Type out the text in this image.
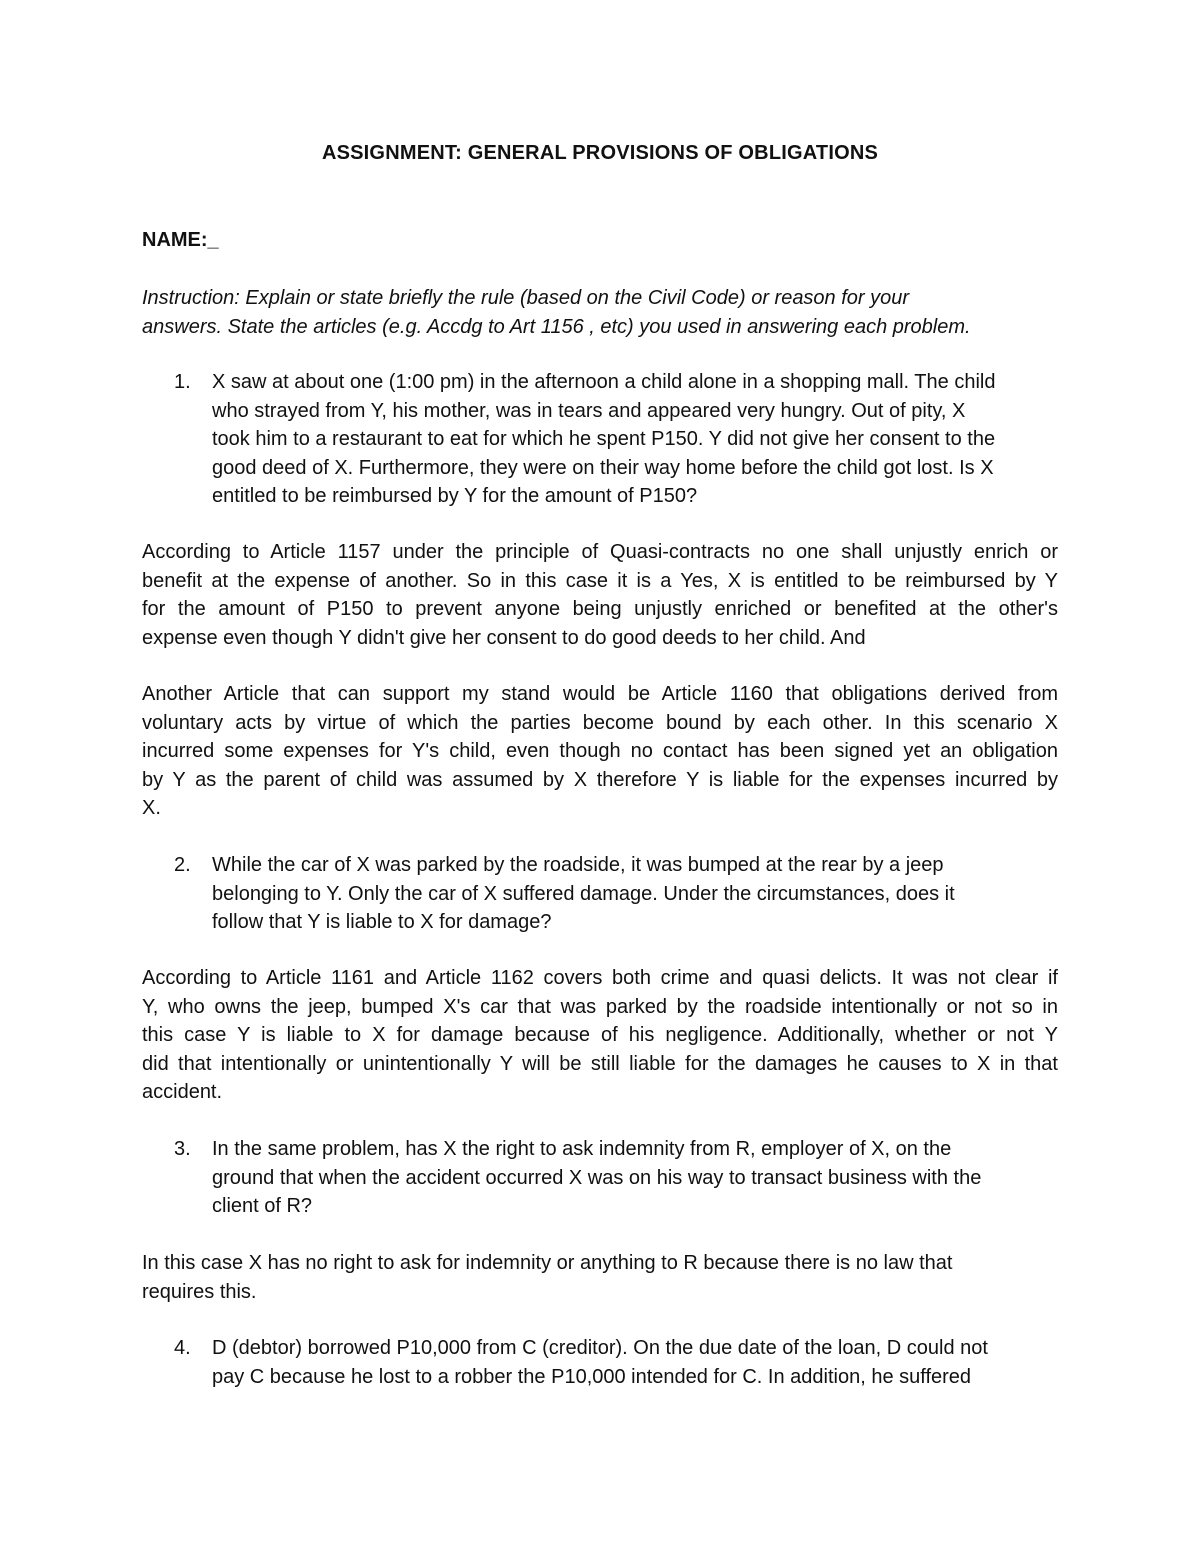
ASSIGNMENT: GENERAL PROVISIONS OF OBLIGATIONS
NAME:_
Instruction: Explain or state briefly the rule (based on the Civil Code) or reason for your
answers. State the articles (e.g. Accdg to Art 1156 , etc) you used in answering each problem.
1.	X saw at about one (1:00 pm) in the afternoon a child alone in a shopping mall. The child
who strayed from Y, his mother, was in tears and appeared very hungry. Out of pity, X
took him to a restaurant to eat for which he spent P150. Y did not give her consent to the
good deed of X. Furthermore, they were on their way home before the child got lost. Is X
entitled to be reimbursed by Y for the amount of P150?
According to Article 1157 under the principle of Quasi-contracts no one shall unjustly enrich or
benefit at the expense of another. So in this case it is a Yes, X is entitled to be reimbursed by Y
for the amount of P150 to prevent anyone being unjustly enriched or benefited at the other's
expense even though Y didn't give her consent to do good deeds to her child. And
Another Article that can support my stand would be Article 1160 that obligations derived from
voluntary acts by virtue of which the parties become bound by each other. In this scenario X
incurred some expenses for Y's child, even though no contact has been signed yet an obligation
by Y as the parent of child was assumed by X therefore Y is liable for the expenses incurred by
X.
2.	While the car of X was parked by the roadside, it was bumped at the rear by a jeep
belonging to Y. Only the car of X suffered damage. Under the circumstances, does it
follow that Y is liable to X for damage?
According to Article 1161 and Article 1162 covers both crime and quasi delicts. It was not clear if
Y, who owns the jeep, bumped X's car that was parked by the roadside intentionally or not so in
this case Y is liable to X for damage because of his negligence. Additionally, whether or not Y
did that intentionally or unintentionally Y will be still liable for the damages he causes to X in that
accident.
3.	In the same problem, has X the right to ask indemnity from R, employer of X, on the
ground that when the accident occurred X was on his way to transact business with the
client of R?
In this case X has no right to ask for indemnity or anything to R because there is no law that
requires this.
4.	D (debtor) borrowed P10,000 from C (creditor). On the due date of the loan, D could not
pay C because he lost to a robber the P10,000 intended for C. In addition, he suffered
